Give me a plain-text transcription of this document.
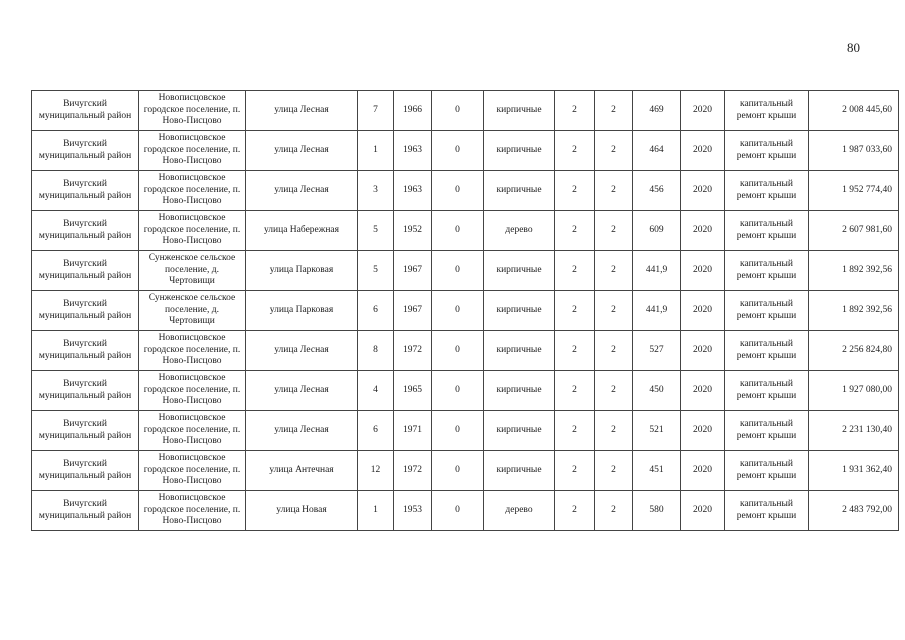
80
Вичугский муниципальный район	Новописцовское городское поселение, п. Ново-Писцово	улица Лесная	7	1966	0	кирпичные	2	2	469	2020	капитальный ремонт крыши	2 008 445,60
Вичугский муниципальный район	Новописцовское городское поселение, п. Ново-Писцово	улица Лесная	1	1963	0	кирпичные	2	2	464	2020	капитальный ремонт крыши	1 987 033,60
Вичугский муниципальный район	Новописцовское городское поселение, п. Ново-Писцово	улица Лесная	3	1963	0	кирпичные	2	2	456	2020	капитальный ремонт крыши	1 952 774,40
Вичугский муниципальный район	Новописцовское городское поселение, п. Ново-Писцово	улица Набережная	5	1952	0	дерево	2	2	609	2020	капитальный ремонт крыши	2 607 981,60
Вичугский муниципальный район	Сунженское сельское поселение, д. Чертовищи	улица Парковая	5	1967	0	кирпичные	2	2	441,9	2020	капитальный ремонт крыши	1 892 392,56
Вичугский муниципальный район	Сунженское сельское поселение, д. Чертовищи	улица Парковая	6	1967	0	кирпичные	2	2	441,9	2020	капитальный ремонт крыши	1 892 392,56
Вичугский муниципальный район	Новописцовское городское поселение, п. Ново-Писцово	улица Лесная	8	1972	0	кирпичные	2	2	527	2020	капитальный ремонт крыши	2 256 824,80
Вичугский муниципальный район	Новописцовское городское поселение, п. Ново-Писцово	улица Лесная	4	1965	0	кирпичные	2	2	450	2020	капитальный ремонт крыши	1 927 080,00
Вичугский муниципальный район	Новописцовское городское поселение, п. Ново-Писцово	улица Лесная	6	1971	0	кирпичные	2	2	521	2020	капитальный ремонт крыши	2 231 130,40
Вичугский муниципальный район	Новописцовское городское поселение, п. Ново-Писцово	улица Антечная	12	1972	0	кирпичные	2	2	451	2020	капитальный ремонт крыши	1 931 362,40
Вичугский муниципальный район	Новописцовское городское поселение, п. Ново-Писцово	улица Новая	1	1953	0	дерево	2	2	580	2020	капитальный ремонт крыши	2 483 792,00
